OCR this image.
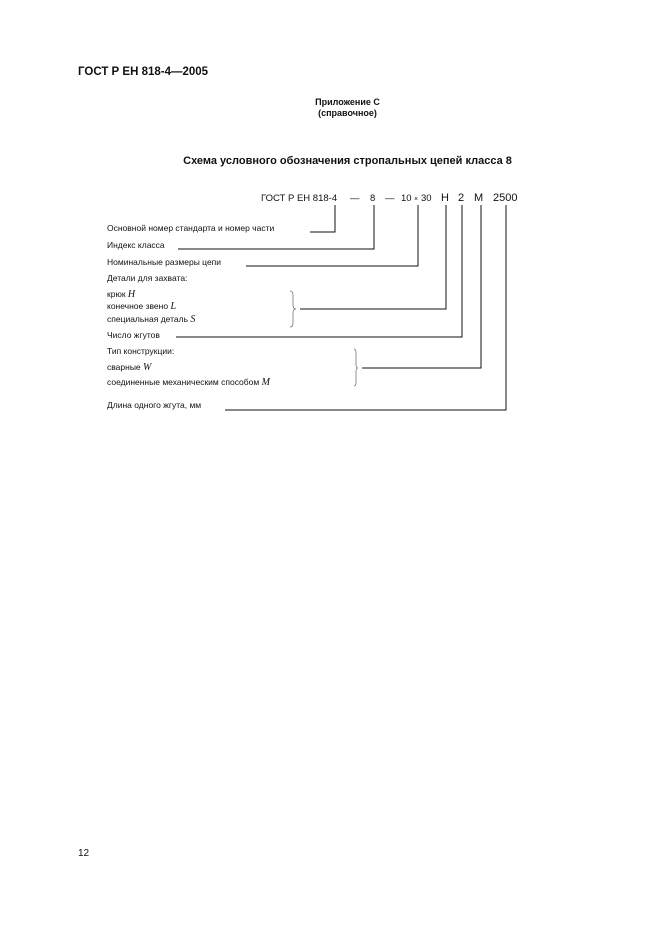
ГОСТ Р ЕН 818-4—2005
Приложение С
(справочное)
Схема условного обозначения стропальных цепей класса 8
ГОСТ Р ЕН 818-4 — 8 — 10 × 30 H 2 M 2500
Основной номер стандарта и номер части
Индекс класса
Номинальные размеры цепи
Детали для захвата:
крюк H
конечное звено L
специальная деталь S
Число жгутов
Тип конструкции:
сварные W
соединенные механическим способом M
Длина одного жгута, мм
12
